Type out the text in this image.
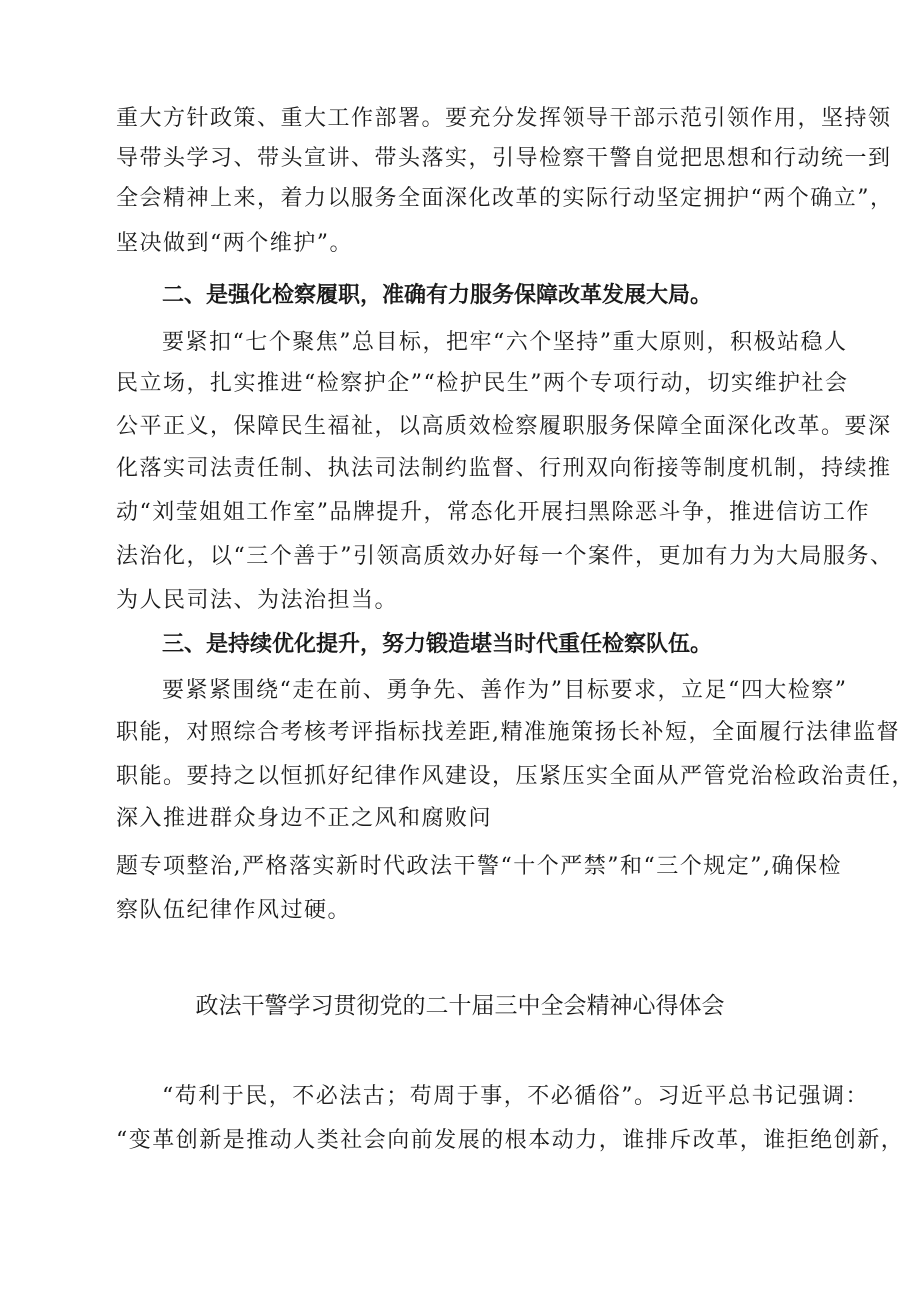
重大方针政策、重大工作部署。要充分发挥领导干部示范引领作用，坚持领
导带头学习、带头宣讲、带头落实，引导检察干警自觉把思想和行动统一到
全会精神上来，着力以服务全面深化改革的实际行动坚定拥护“两个确立”，
坚决做到“两个维护”。
二、是强化检察履职，准确有力服务保障改革发展大局。
要紧扣“七个聚焦”总目标，把牢“六个坚持”重大原则，积极站稳人
民立场，扎实推进“检察护企”“检护民生”两个专项行动，切实维护社会
公平正义，保障民生福祉，以高质效检察履职服务保障全面深化改革。要深
化落实司法责任制、执法司法制约监督、行刑双向衔接等制度机制，持续推
动“刘莹姐姐工作室”品牌提升，常态化开展扫黑除恶斗争，推进信访工作
法治化，以“三个善于”引领高质效办好每一个案件，更加有力为大局服务、
为人民司法、为法治担当。
三、是持续优化提升，努力锻造堪当时代重任检察队伍。
要紧紧围绕“走在前、勇争先、善作为”目标要求，立足“四大检察”
职能，对照综合考核考评指标找差距,精准施策扬长补短，全面履行法律监督
职能。要持之以恒抓好纪律作风建设，压紧压实全面从严管党治检政治责任，
深入推进群众身边不正之风和腐败问
题专项整治,严格落实新时代政法干警“十个严禁”和“三个规定”,确保检
察队伍纪律作风过硬。
政法干警学习贯彻党的二十届三中全会精神心得体会
“苟利于民，不必法古；苟周于事，不必循俗”。习近平总书记强调：
“变革创新是推动人类社会向前发展的根本动力，谁排斥改革，谁拒绝创新，
